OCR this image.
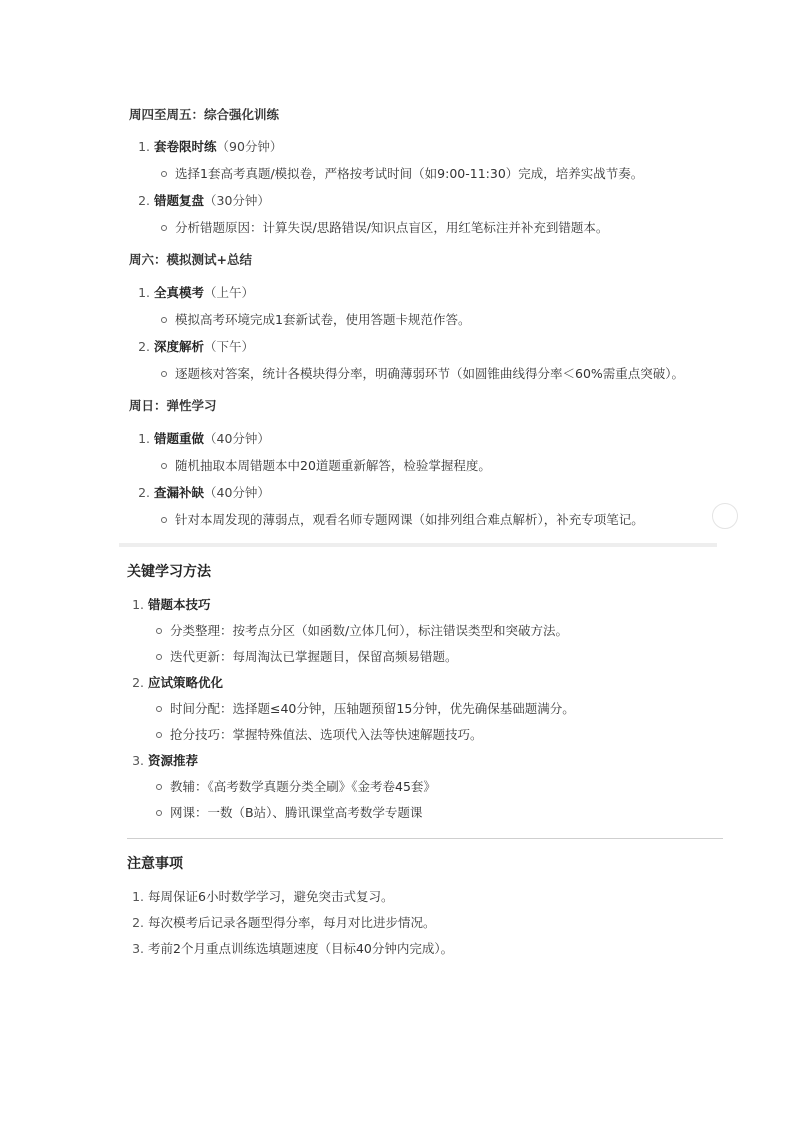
周四至周五：综合强化训练
1. 套卷限时练（90分钟）
选择1套高考真题/模拟卷，严格按考试时间（如9:00-11:30）完成，培养实战节奏。
2. 错题复盘（30分钟）
分析错题原因：计算失误/思路错误/知识点盲区，用红笔标注并补充到错题本。
周六：模拟测试+总结
1. 全真模考（上午）
模拟高考环境完成1套新试卷，使用答题卡规范作答。
2. 深度解析（下午）
逐题核对答案，统计各模块得分率，明确薄弱环节（如圆锥曲线得分率＜60%需重点突破）。
周日：弹性学习
1. 错题重做（40分钟）
随机抽取本周错题本中20道题重新解答，检验掌握程度。
2. 查漏补缺（40分钟）
针对本周发现的薄弱点，观看名师专题网课（如排列组合难点解析），补充专项笔记。
关键学习方法
1. 错题本技巧
分类整理：按考点分区（如函数/立体几何），标注错误类型和突破方法。
迭代更新：每周淘汰已掌握题目，保留高频易错题。
2. 应试策略优化
时间分配：选择题≤40分钟，压轴题预留15分钟，优先确保基础题满分。
抢分技巧：掌握特殊值法、选项代入法等快速解题技巧。
3. 资源推荐
教辅：《高考数学真题分类全刷》《金考卷45套》
网课：一数（B站）、腾讯课堂高考数学专题课
注意事项
1. 每周保证6小时数学学习，避免突击式复习。
2. 每次模考后记录各题型得分率，每月对比进步情况。
3. 考前2个月重点训练选填题速度（目标40分钟内完成）。
